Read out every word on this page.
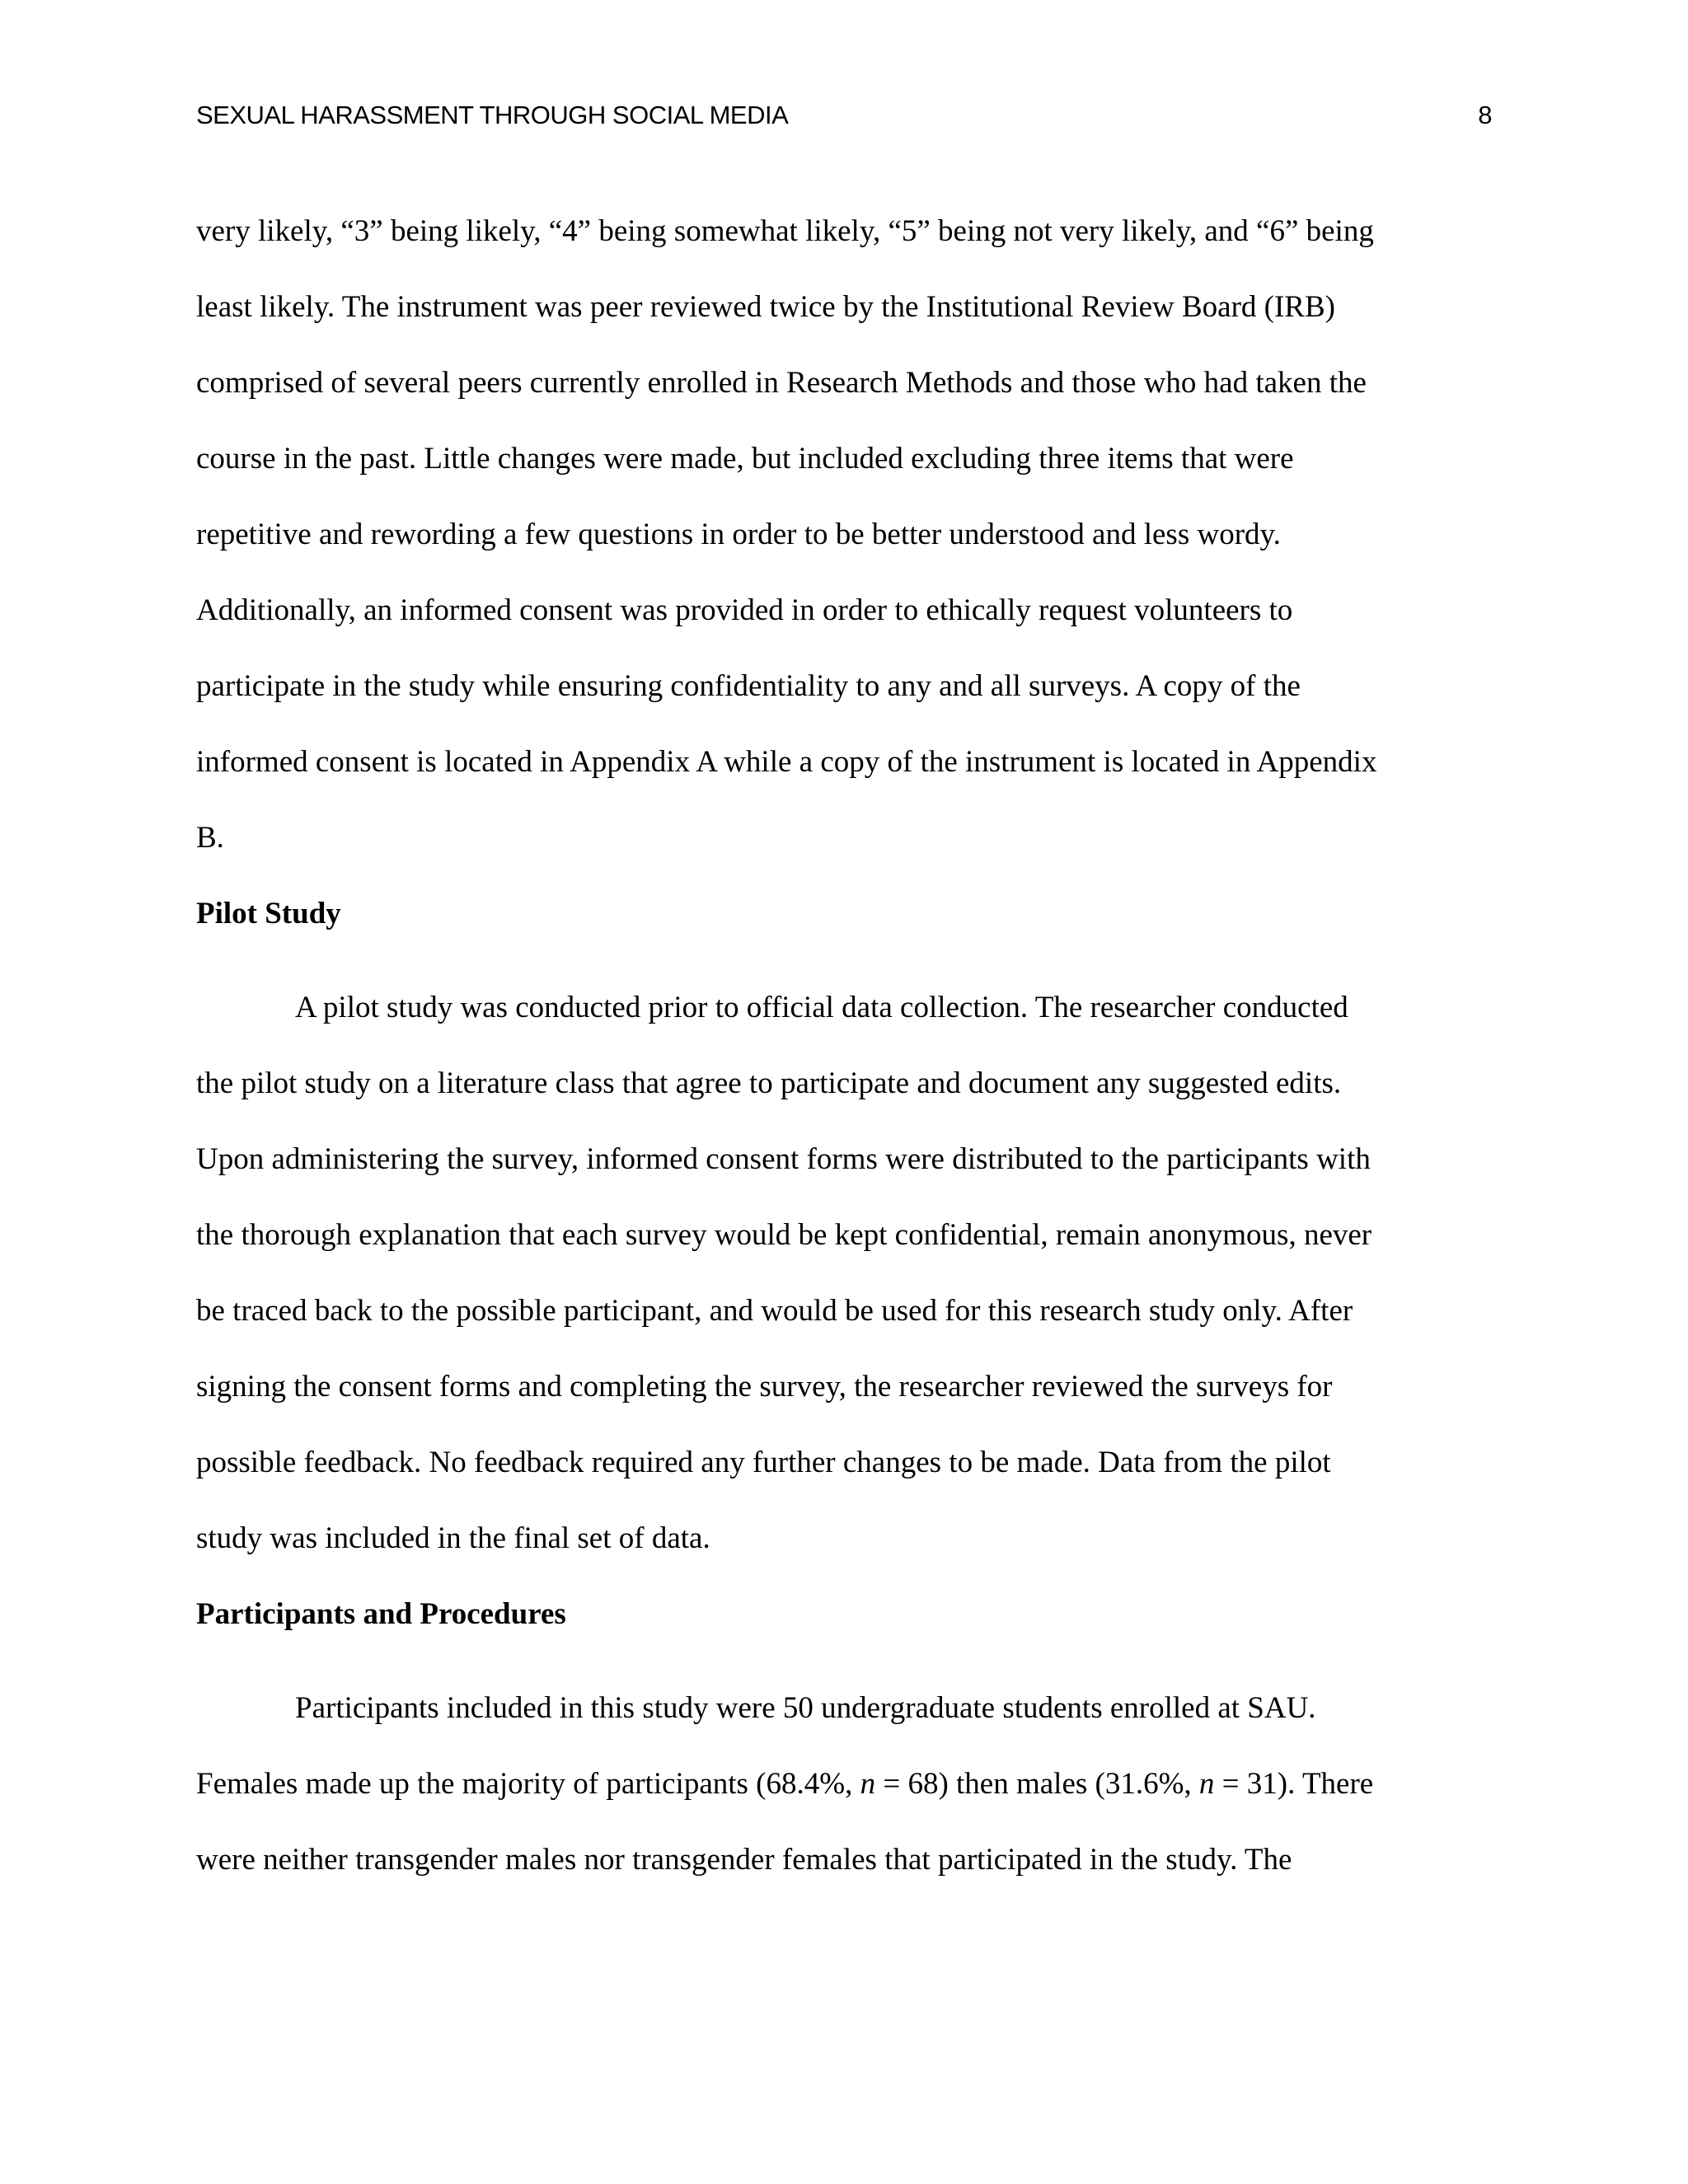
SEXUAL HARASSMENT THROUGH SOCIAL MEDIA	8

very likely, “3” being likely, “4” being somewhat likely, “5” being not very likely, and “6” being
least likely. The instrument was peer reviewed twice by the Institutional Review Board (IRB)
comprised of several peers currently enrolled in Research Methods and those who had taken the
course in the past. Little changes were made, but included excluding three items that were
repetitive and rewording a few questions in order to be better understood and less wordy.
Additionally, an informed consent was provided in order to ethically request volunteers to
participate in the study while ensuring confidentiality to any and all surveys. A copy of the
informed consent is located in Appendix A while a copy of the instrument is located in Appendix
B.

Pilot Study

A pilot study was conducted prior to official data collection. The researcher conducted
the pilot study on a literature class that agree to participate and document any suggested edits.
Upon administering the survey, informed consent forms were distributed to the participants with
the thorough explanation that each survey would be kept confidential, remain anonymous, never
be traced back to the possible participant, and would be used for this research study only. After
signing the consent forms and completing the survey, the researcher reviewed the surveys for
possible feedback. No feedback required any further changes to be made. Data from the pilot
study was included in the final set of data.

Participants and Procedures

Participants included in this study were 50 undergraduate students enrolled at SAU.
Females made up the majority of participants (68.4%, n = 68) then males (31.6%, n = 31). There
were neither transgender males nor transgender females that participated in the study. The
